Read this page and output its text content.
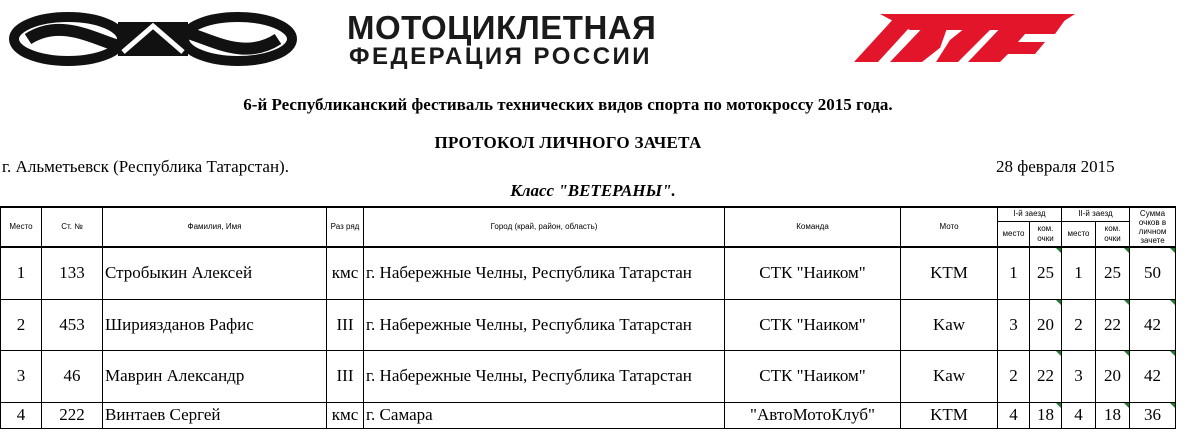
МОТОЦИКЛЕТНАЯ
ФЕДЕРАЦИЯ РОССИИ
6-й Республиканский фестиваль технических видов спорта по мотокроссу 2015 года.
ПРОТОКОЛ ЛИЧНОГО ЗАЧЕТА
г. Альметьевск (Республика Татарстан).	28 февраля 2015
Класс "ВЕТЕРАНЫ".
Место	Ст. №	Фамилия, Имя	Раз ряд	Город (край, район, область)	Команда	Мото	I-й заезд		II-й заезд		Сумма очков в личном зачете

							место	ком. очки	место	ком. очки	
1	133	Стробыкин Алексей	кмс	г. Набережные Челны, Республика Татарстан	СТК "Наиком"	KTM	1	25	1	25	50
2	453	Шириязданов Рафис	III	г. Набережные Челны, Республика Татарстан	СТК "Наиком"	Kaw	3	20	2	22	42
3	46	Маврин Александр	III	г. Набережные Челны, Республика Татарстан	СТК "Наиком"	Kaw	2	22	3	20	42
4	222	Винтаев Сергей	кмс	г. Самара	"АвтоМотоКлуб"	KTM	4	18	4	18	36
